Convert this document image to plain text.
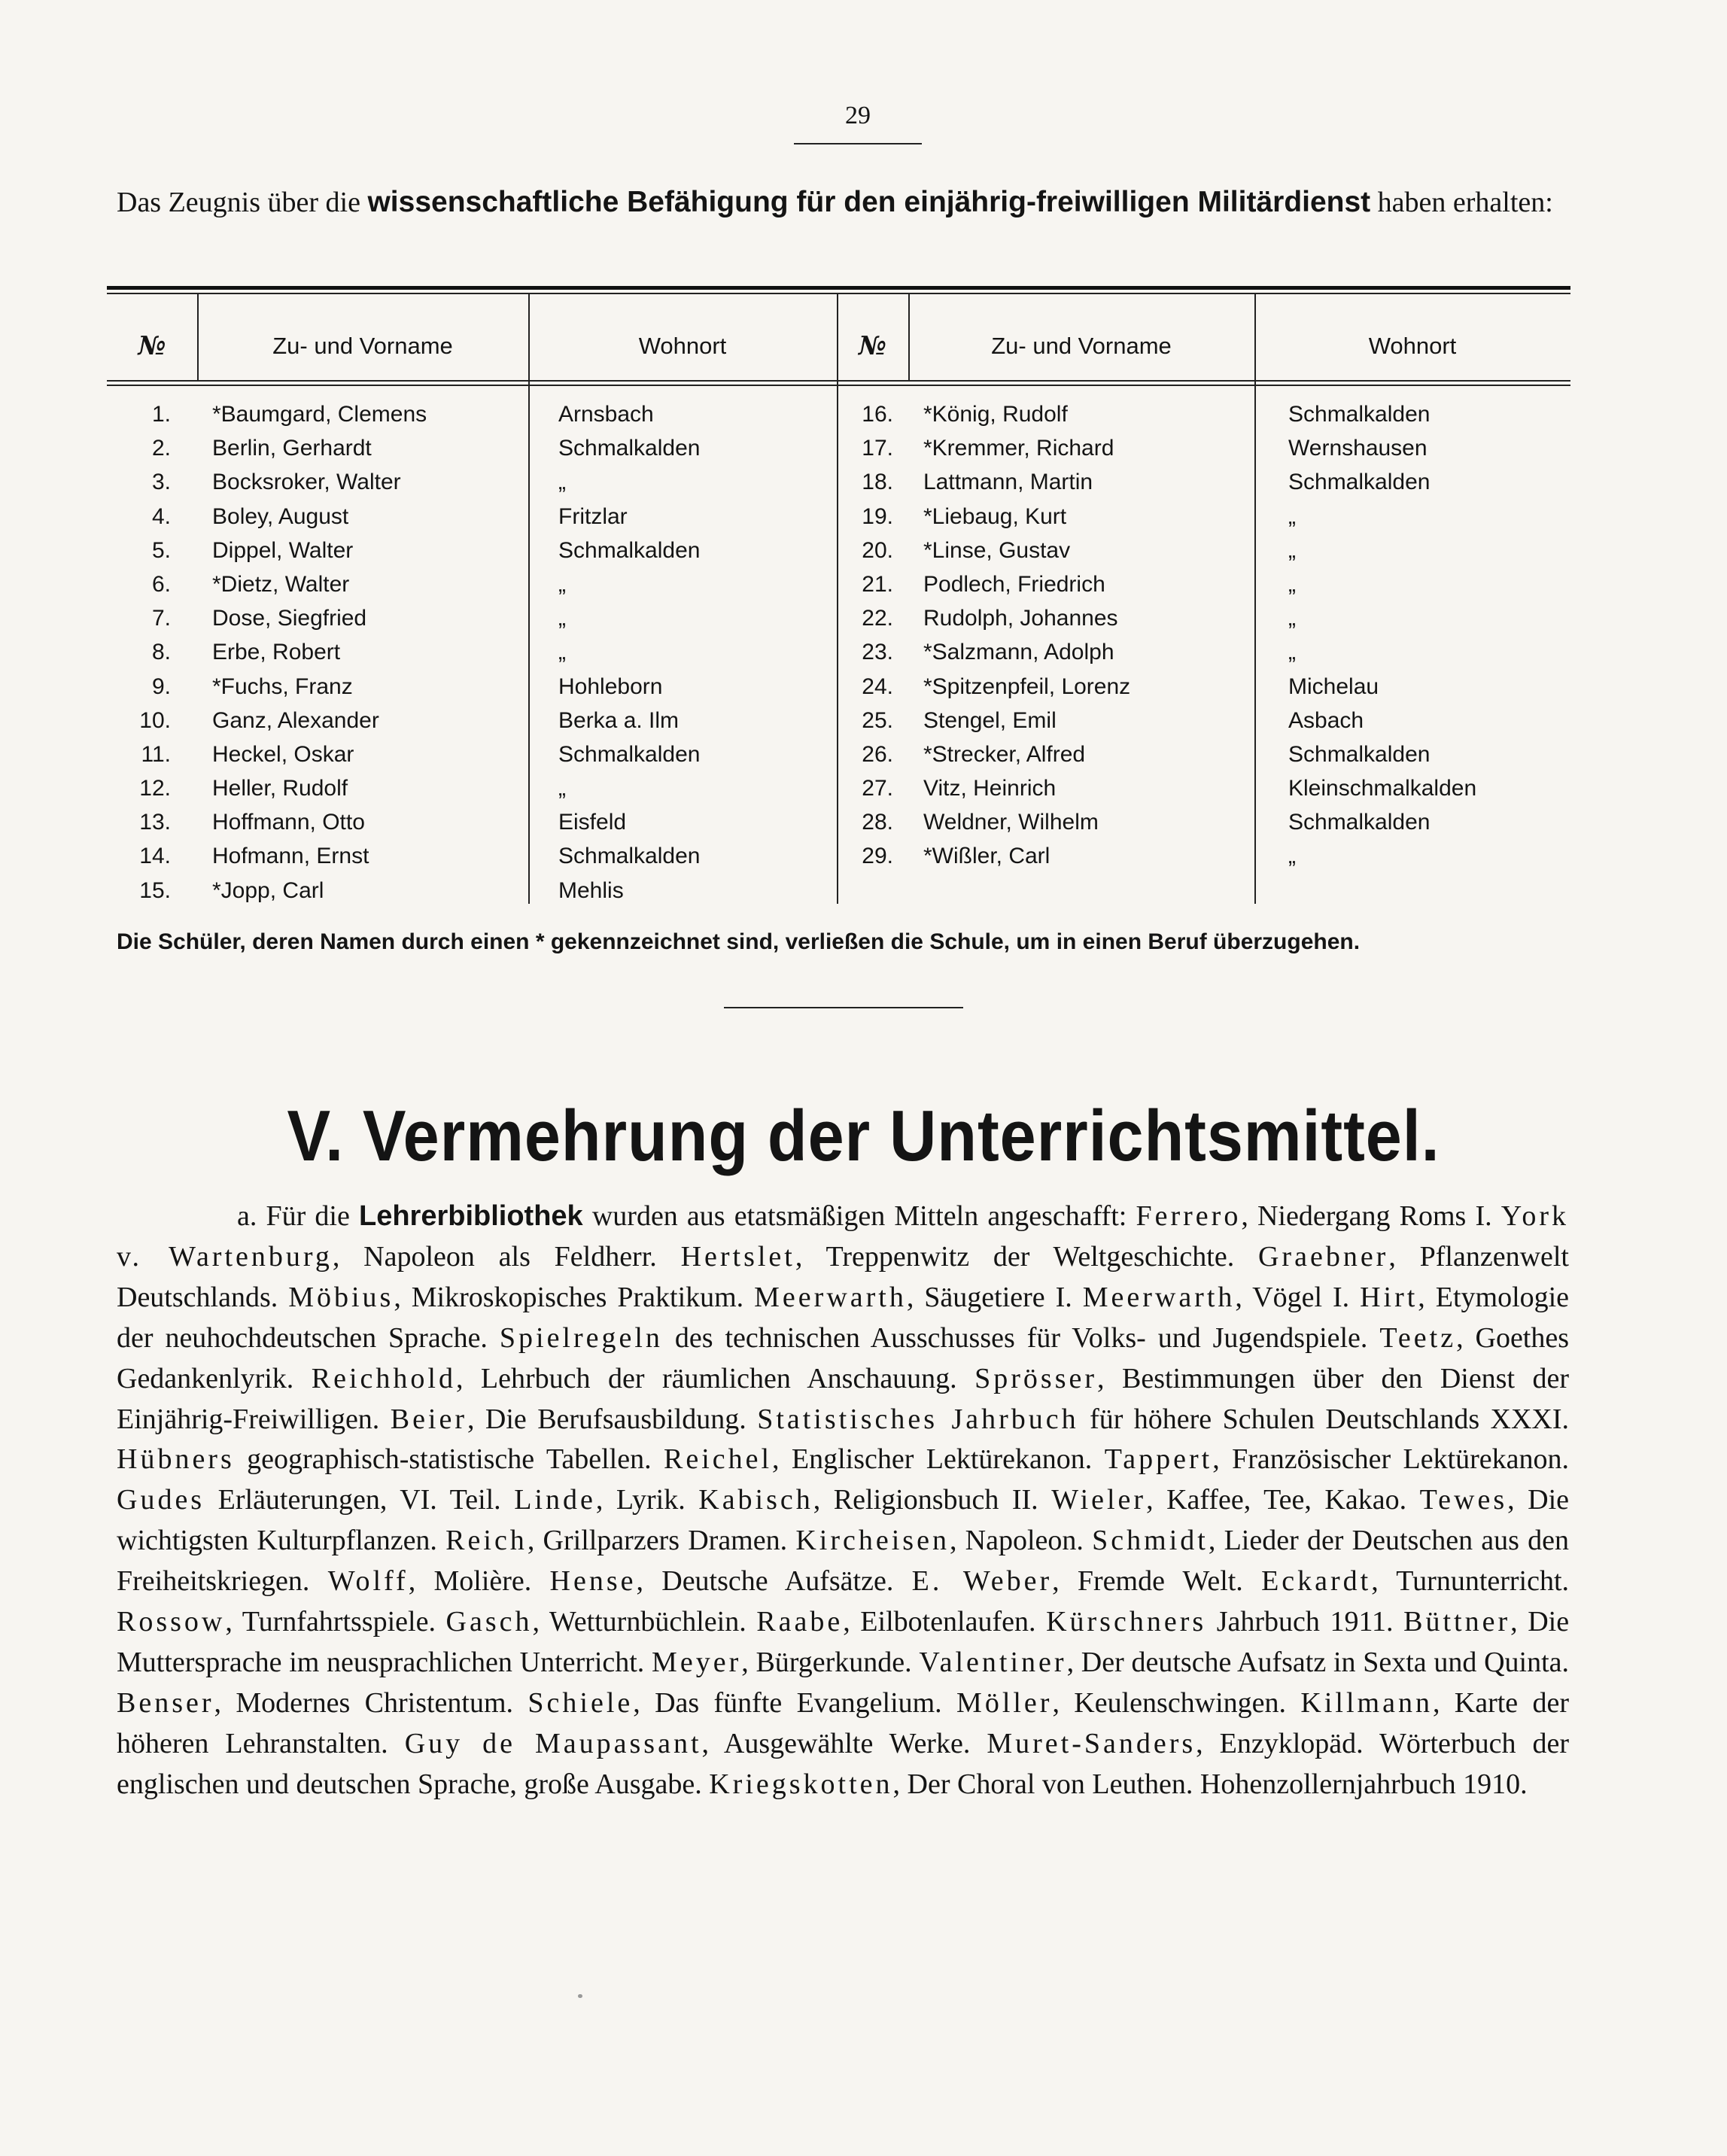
29
Das Zeugnis über die wissenschaftliche Befähigung für den einjährig-freiwilligen Militärdienst haben erhalten:
№	Zu- und Vorname	Wohnort	№	Zu- und Vorname	Wohnort
1. *Baumgard, Clemens	Arnsbach	16. *König, Rudolf	Schmalkalden
2. Berlin, Gerhardt	Schmalkalden	17. *Kremmer, Richard	Wernshausen
3. Bocksroker, Walter	„	18. Lattmann, Martin	Schmalkalden
4. Boley, August	Fritzlar	19. *Liebaug, Kurt	„
5. Dippel, Walter	Schmalkalden	20. *Linse, Gustav	„
6. *Dietz, Walter	„	21. Podlech, Friedrich	„
7. Dose, Siegfried	„	22. Rudolph, Johannes	„
8. Erbe, Robert	„	23. *Salzmann, Adolph	„
9. *Fuchs, Franz	Hohleborn	24. *Spitzenpfeil, Lorenz	Michelau
10. Ganz, Alexander	Berka a. Ilm	25. Stengel, Emil	Asbach
11. Heckel, Oskar	Schmalkalden	26. *Strecker, Alfred	Schmalkalden
12. Heller, Rudolf	„	27. Vitz, Heinrich	Kleinschmalkalden
13. Hoffmann, Otto	Eisfeld	28. Weldner, Wilhelm	Schmalkalden
14. Hofmann, Ernst	Schmalkalden	29. *Wißler, Carl	„
15. *Jopp, Carl	Mehlis
Die Schüler, deren Namen durch einen * gekennzeichnet sind, verließen die Schule, um in einen Beruf überzugehen.
V. Vermehrung der Unterrichtsmittel.
a. Für die Lehrerbibliothek wurden aus etatsmäßigen Mitteln angeschafft: Ferrero, Niedergang Roms I. York v. Wartenburg, Napoleon als Feldherr. Hertslet, Treppenwitz der Weltgeschichte. Graebner, Pflanzenwelt Deutschlands. Möbius, Mikroskopisches Praktikum. Meerwarth, Säugetiere I. Meerwarth, Vögel I. Hirt, Etymologie der neuhochdeutschen Sprache. Spielregeln des technischen Ausschusses für Volks- und Jugendspiele. Teetz, Goethes Gedankenlyrik. Reichhold, Lehrbuch der räumlichen Anschauung. Sprösser, Bestimmungen über den Dienst der Einjährig-Freiwilligen. Beier, Die Berufsausbildung. Statistisches Jahrbuch für höhere Schulen Deutschlands XXXI. Hübners geographisch-statistische Tabellen. Reichel, Englischer Lektürekanon. Tappert, Französischer Lektürekanon. Gudes Erläuterungen, VI. Teil. Linde, Lyrik. Kabisch, Religionsbuch II. Wieler, Kaffee, Tee, Kakao. Tewes, Die wichtigsten Kulturpflanzen. Reich, Grillparzers Dramen. Kircheisen, Napoleon. Schmidt, Lieder der Deutschen aus den Freiheitskriegen. Wolff, Molière. Hense, Deutsche Aufsätze. E. Weber, Fremde Welt. Eckardt, Turnunterricht. Rossow, Turnfahrtsspiele. Gasch, Wetturnbüchlein. Raabe, Eilbotenlaufen. Kürschners Jahrbuch 1911. Büttner, Die Muttersprache im neusprachlichen Unterricht. Meyer, Bürgerkunde. Valentiner, Der deutsche Aufsatz in Sexta und Quinta. Benser, Modernes Christentum. Schiele, Das fünfte Evangelium. Möller, Keulenschwingen. Killmann, Karte der höheren Lehranstalten. Guy de Maupassant, Ausgewählte Werke. Muret-Sanders, Enzyklopäd. Wörterbuch der englischen und deutschen Sprache, große Ausgabe. Kriegskotten, Der Choral von Leuthen. Hohenzollernjahrbuch 1910.
